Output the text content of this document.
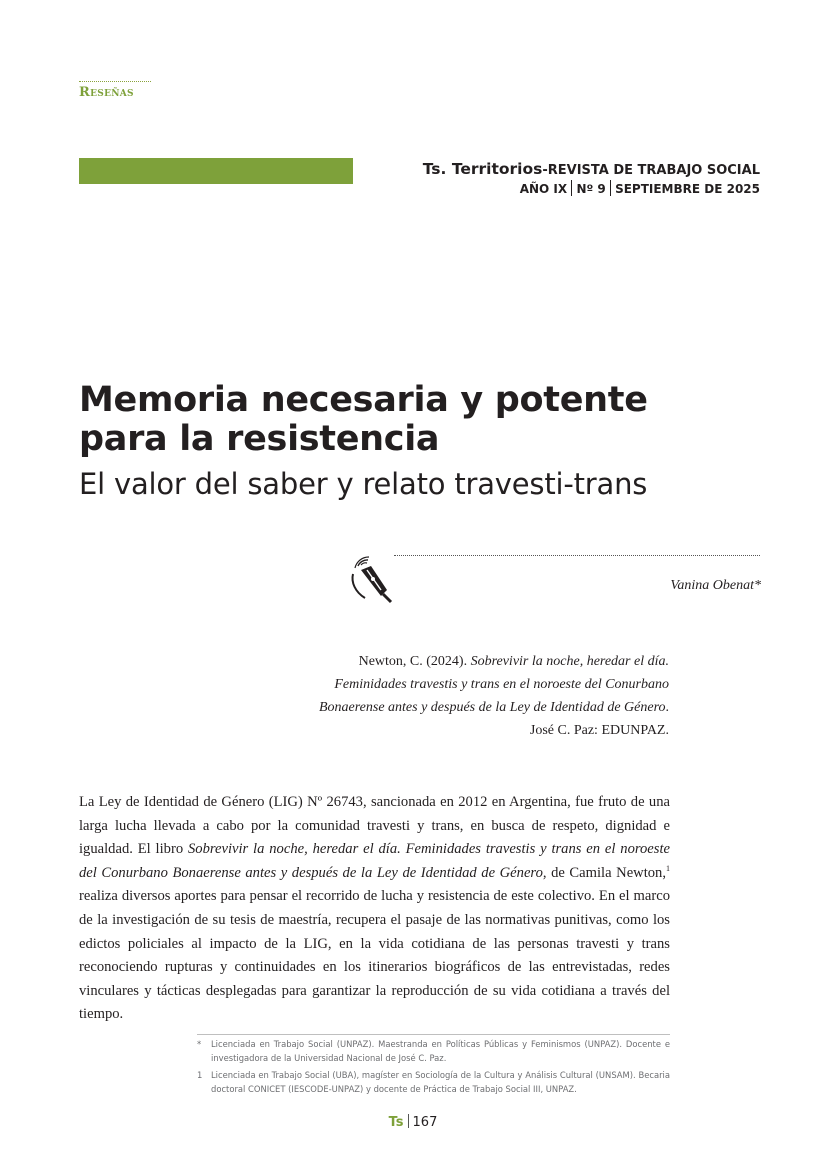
Reseñas
Ts. Territorios-REVISTA DE TRABAJO SOCIAL
AÑO IX Nº 9 SEPTIEMBRE DE 2025
Memoria necesaria y potente para la resistencia
El valor del saber y relato travesti-trans
Vanina Obenat*
Newton, C. (2024). Sobrevivir la noche, heredar el día. Feminidades travestis y trans en el noroeste del Conurbano Bonaerense antes y después de la Ley de Identidad de Género. José C. Paz: EDUNPAZ.
La Ley de Identidad de Género (LIG) Nº 26743, sancionada en 2012 en Argentina, fue fruto de una larga lucha llevada a cabo por la comunidad travesti y trans, en busca de respeto, dignidad e igualdad. El libro Sobrevivir la noche, heredar el día. Feminidades travestis y trans en el noroeste del Conurbano Bonaerense antes y después de la Ley de Identidad de Género, de Camila Newton,$^1$ realiza diversos aportes para pensar el recorrido de lucha y resistencia de este colectivo. En el marco de la investigación de su tesis de maestría, recupera el pasaje de las normativas punitivas, como los edictos policiales al impacto de la LIG, en la vida cotidiana de las personas travesti y trans reconociendo rupturas y continuidades en los itinerarios biográficos de las entrevistadas, redes vinculares y tácticas desplegadas para garantizar la reproducción de su vida cotidiana a través del tiempo.
* Licenciada en Trabajo Social (UNPAZ). Maestranda en Políticas Públicas y Feminismos (UNPAZ). Docente e investigadora de la Universidad Nacional de José C. Paz.
1 Licenciada en Trabajo Social (UBA), magíster en Sociología de la Cultura y Análisis Cultural (UNSAM). Becaria doctoral CONICET (IESCODE-UNPAZ) y docente de Práctica de Trabajo Social III, UNPAZ.
Ts 167
